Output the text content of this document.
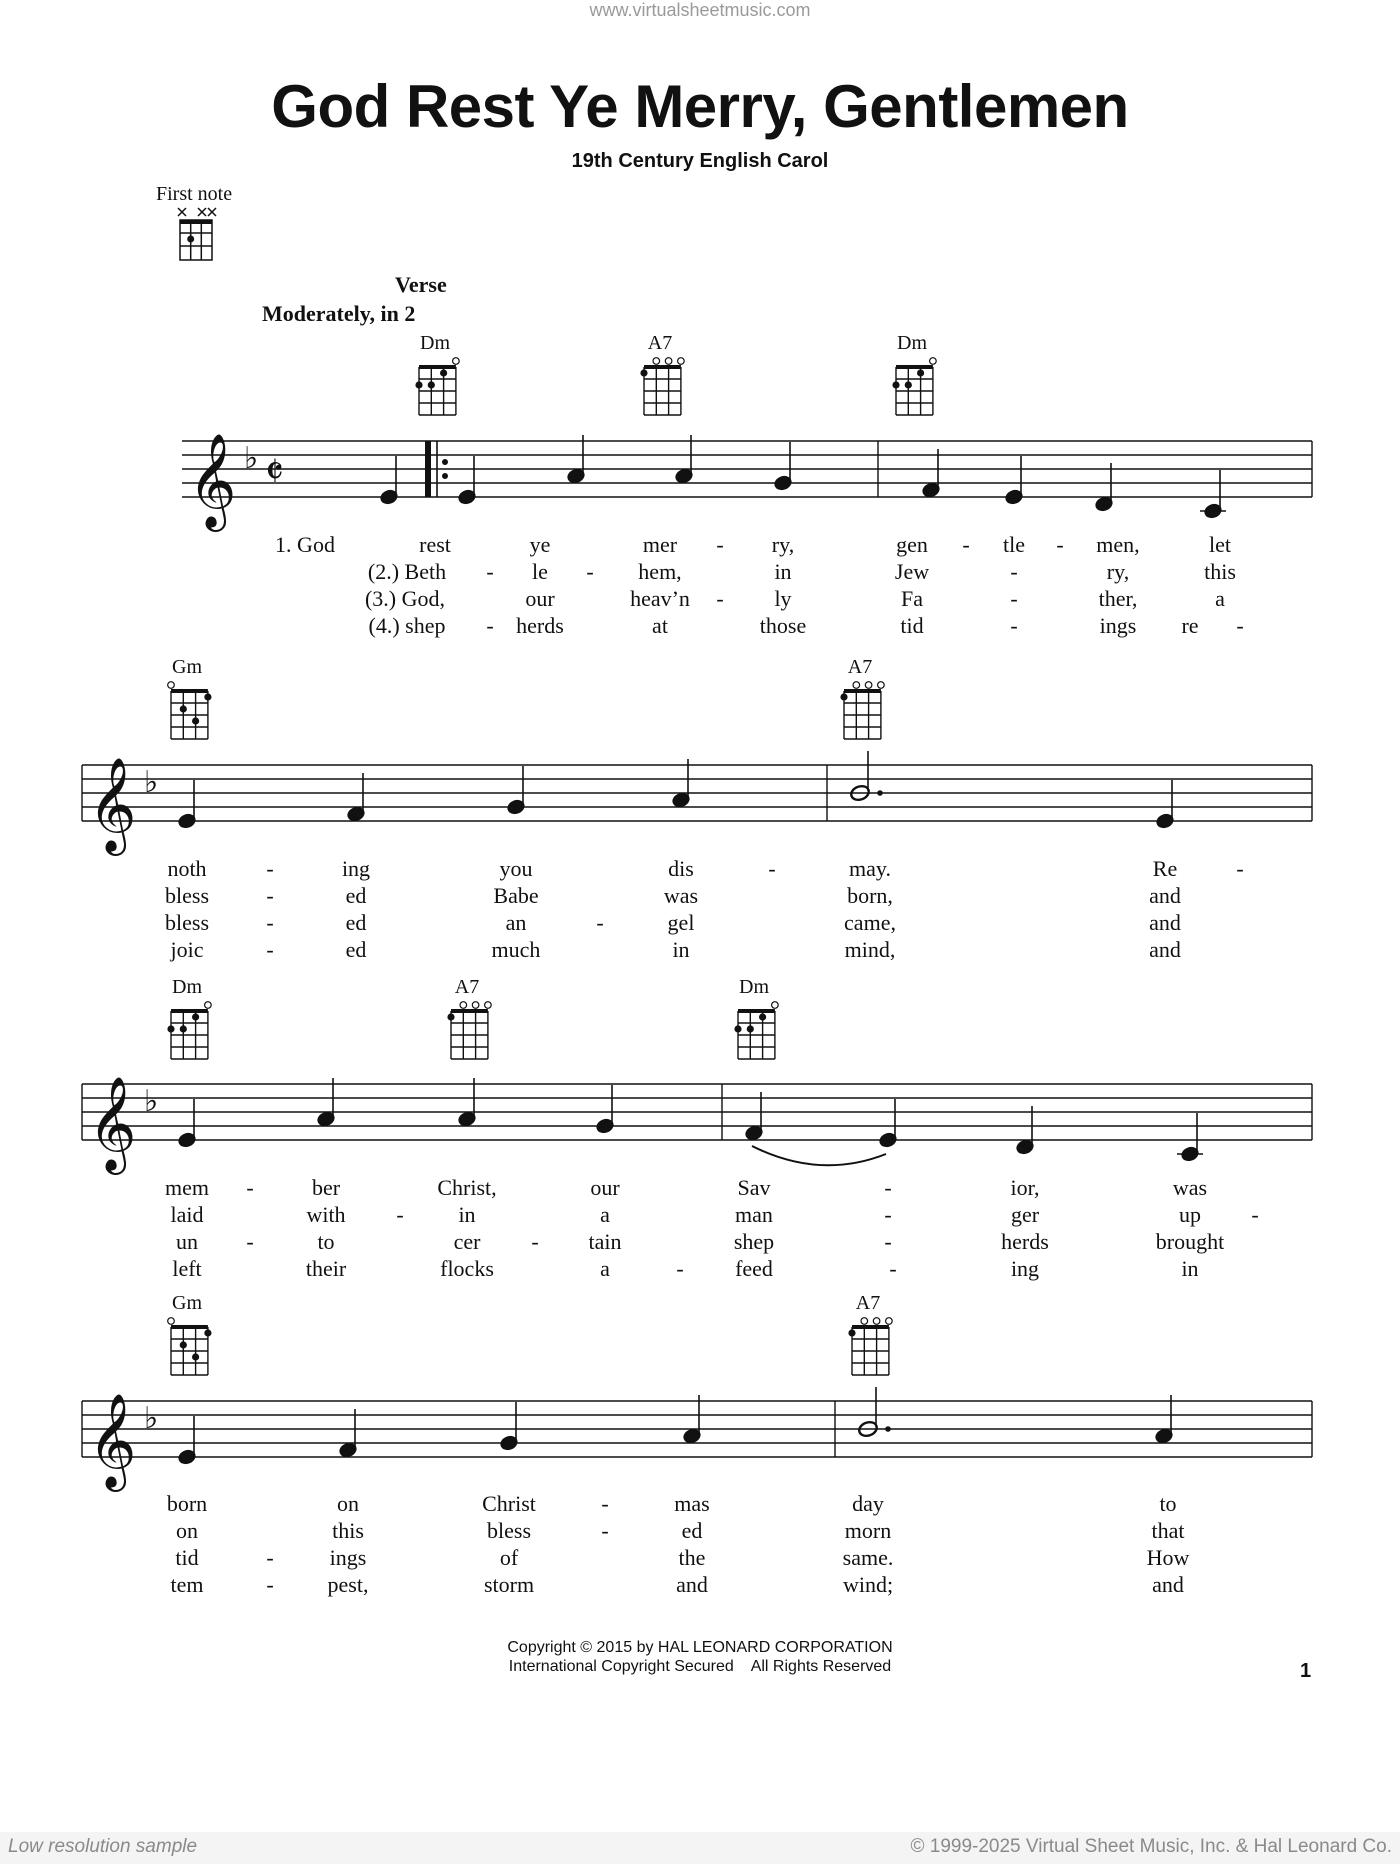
www.virtualsheetmusic.com
God Rest Ye Merry, Gentlemen
19th Century English Carol
First note
Verse
Moderately, in 2
Dm	A7	Dm
𝄞 ♭ 𝄵
1. God	rest	ye	mer - ry,	gen - tle - men,	let
(2.) Beth - le - hem,	in	Jew	-	ry,	this
(3.) God,	our	heav’n - ly	Fa	-	ther,	a
(4.) shep - herds	at	those	tid	-	ings re -
Gm	A7
𝄞 ♭
noth	-	ing	you	dis	-	may.	Re	-
bless	-	ed	Babe	was	born,	and
bless	-	ed	an	-	gel	came,	and
joic	-	ed	much	in	mind,	and
Dm	A7	Dm
𝄞 ♭
mem -	ber	Christ,	our	Sav	-	ior,	was
laid	with - in	a	man	-	ger	up -
un -	to	cer - tain	shep	-	herds	brought
left	their	flocks	a	- feed	-	ing	in
Gm	A7
𝄞 ♭
born	on	Christ	-	mas	day	to
on	this	bless	-	ed	morn	that
tid	-	ings	of	the	same.	How
tem	- pest,	storm	and	wind;	and
Copyright © 2015 by HAL LEONARD CORPORATION
International Copyright Secured    All Rights Reserved	1
Low resolution sample	© 1999-2025 Virtual Sheet Music, Inc. & Hal Leonard Co.
